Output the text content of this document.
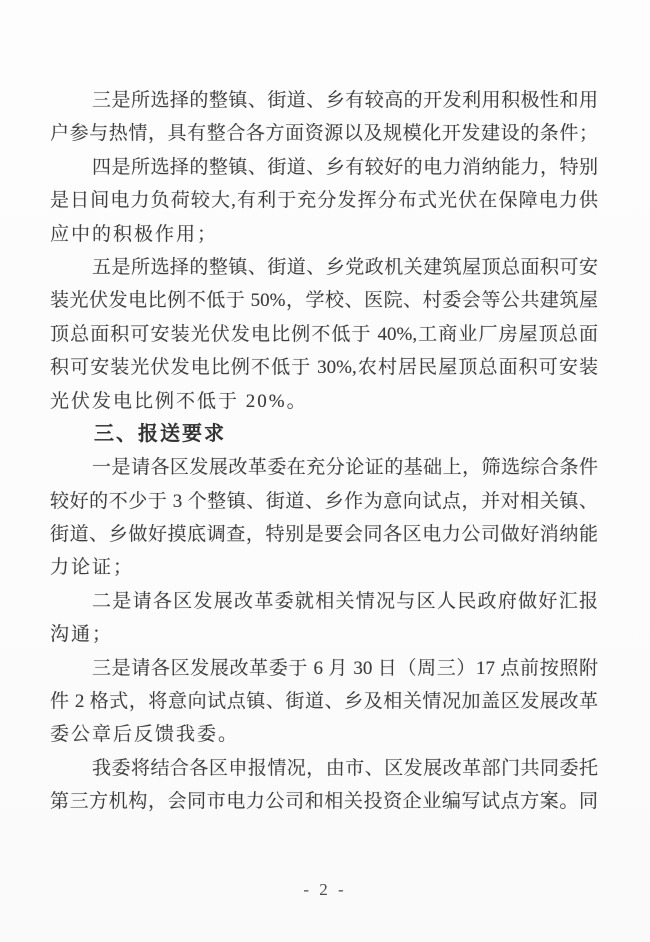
三是所选择的整镇、街道、乡有较高的开发利用积极性和用
户参与热情，具有整合各方面资源以及规模化开发建设的条件；
四是所选择的整镇、街道、乡有较好的电力消纳能力，特别
是日间电力负荷较大,有利于充分发挥分布式光伏在保障电力供
应中的积极作用；
五是所选择的整镇、街道、乡党政机关建筑屋顶总面积可安
装光伏发电比例不低于 50%，学校、医院、村委会等公共建筑屋
顶总面积可安装光伏发电比例不低于 40%,工商业厂房屋顶总面
积可安装光伏发电比例不低于 30%,农村居民屋顶总面积可安装
光伏发电比例不低于 20%。
三、报送要求
一是请各区发展改革委在充分论证的基础上，筛选综合条件
较好的不少于 3 个整镇、街道、乡作为意向试点，并对相关镇、
街道、乡做好摸底调查，特别是要会同各区电力公司做好消纳能
力论证；
二是请各区发展改革委就相关情况与区人民政府做好汇报
沟通；
三是请各区发展改革委于 6 月 30 日（周三）17 点前按照附
件 2 格式，将意向试点镇、街道、乡及相关情况加盖区发展改革
委公章后反馈我委。
我委将结合各区申报情况，由市、区发展改革部门共同委托
第三方机构，会同市电力公司和相关投资企业编写试点方案。同
- 2 -
